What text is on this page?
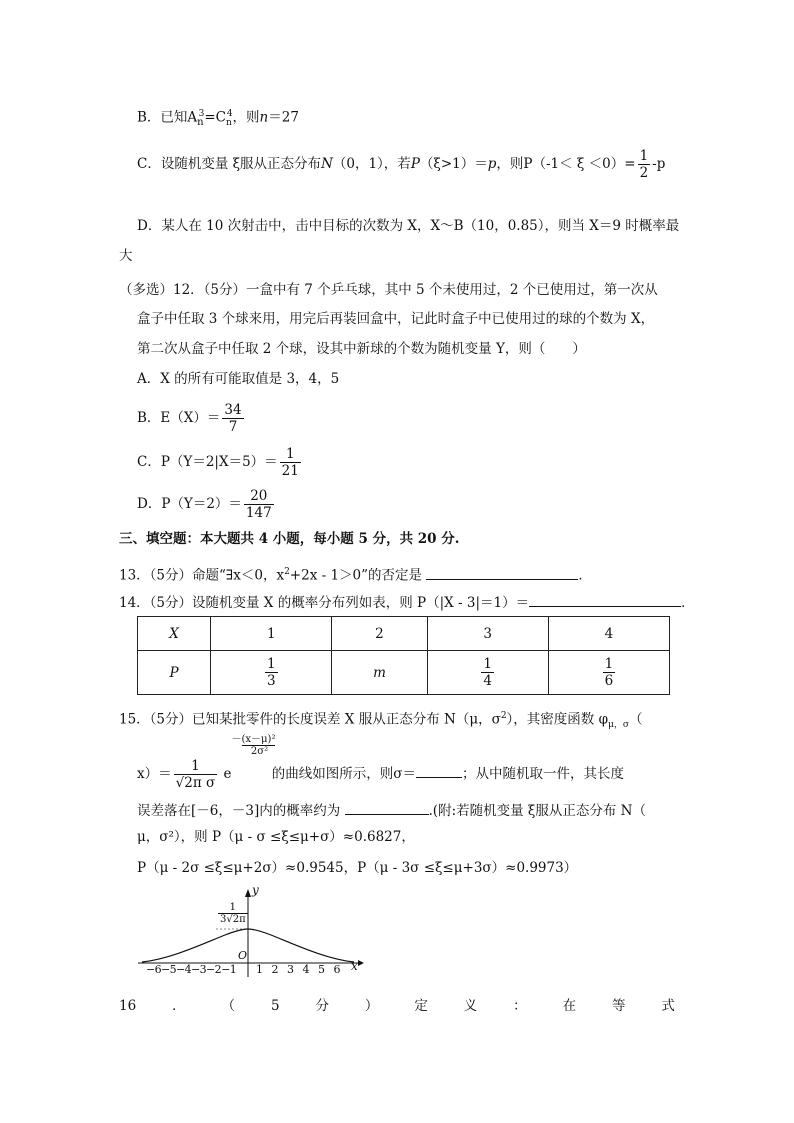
B．已知$A_n^3=C_n^4$，则n＝27
C．设随机变量 ξ服从正态分布N（0，1），若P（ξ>1）＝p，则$P(-1< \xi <0)= \frac{1}{2} -p$
D．某人在 10 次射击中，击中目标的次数为 X，X～B（10，0.85），则当 X＝9 时概率最
大
（多选）12．（5分）一盒中有 7 个乒乓球，其中 5 个未使用过，2 个已使用过，第一次从
盒子中任取 3 个球来用，用完后再装回盒中，记此时盒子中已使用过的球的个数为 X，
第二次从盒子中任取 2 个球，设其中新球的个数为随机变量 Y，则（　　）
A．X 的所有可能取值是 3，4，5
B．$E(X)= \frac{34}{7}$
C．$P(Y=2|X=5)= \frac{1}{21}$
D．$P(Y=2)= \frac{20}{147}$
三、填空题：本大题共 4 小题，每小题 5 分，共 20 分.
13．（5分）命题“∃x＜0，$x^2+2x - 1>0$”的否定是	．
14．（5分）设随机变量 X 的概率分布列如表，则 P（|X - 3|＝1）＝	．
X	1	2	3	4
P	$\frac{1}{3}$	m	$\frac{1}{4}$	$\frac{1}{6}$
15．（5分）已知某批零件的长度误差 X 服从正态分布 N（μ，$\sigma^2$），其密度函数 $\varphi_{\mu,\sigma}$（
$x)= \frac{1}{\text{√2π σ}}$ e
－(x－μ)²
2σ²
的曲线如图所示，则σ＝	；从中随机取一件，其长度
误差落在[－6，－3]内的概率约为	.(附:若随机变量 ξ服从正态分布 N（
μ，σ²），则 P（μ - σ ≤ξ≤μ+σ）≈0.6827，
P（μ - 2σ ≤ξ≤μ+2σ）≈0.9545，P（μ - 3σ ≤ξ≤μ+3σ）≈0.9973）
y
x
O
$\frac{1}{3√2\pi}$
−6−5−4−3−2−1 1 2 3 4 5 6
16	．	（	5	分	）	定	义	：	在	等	式
